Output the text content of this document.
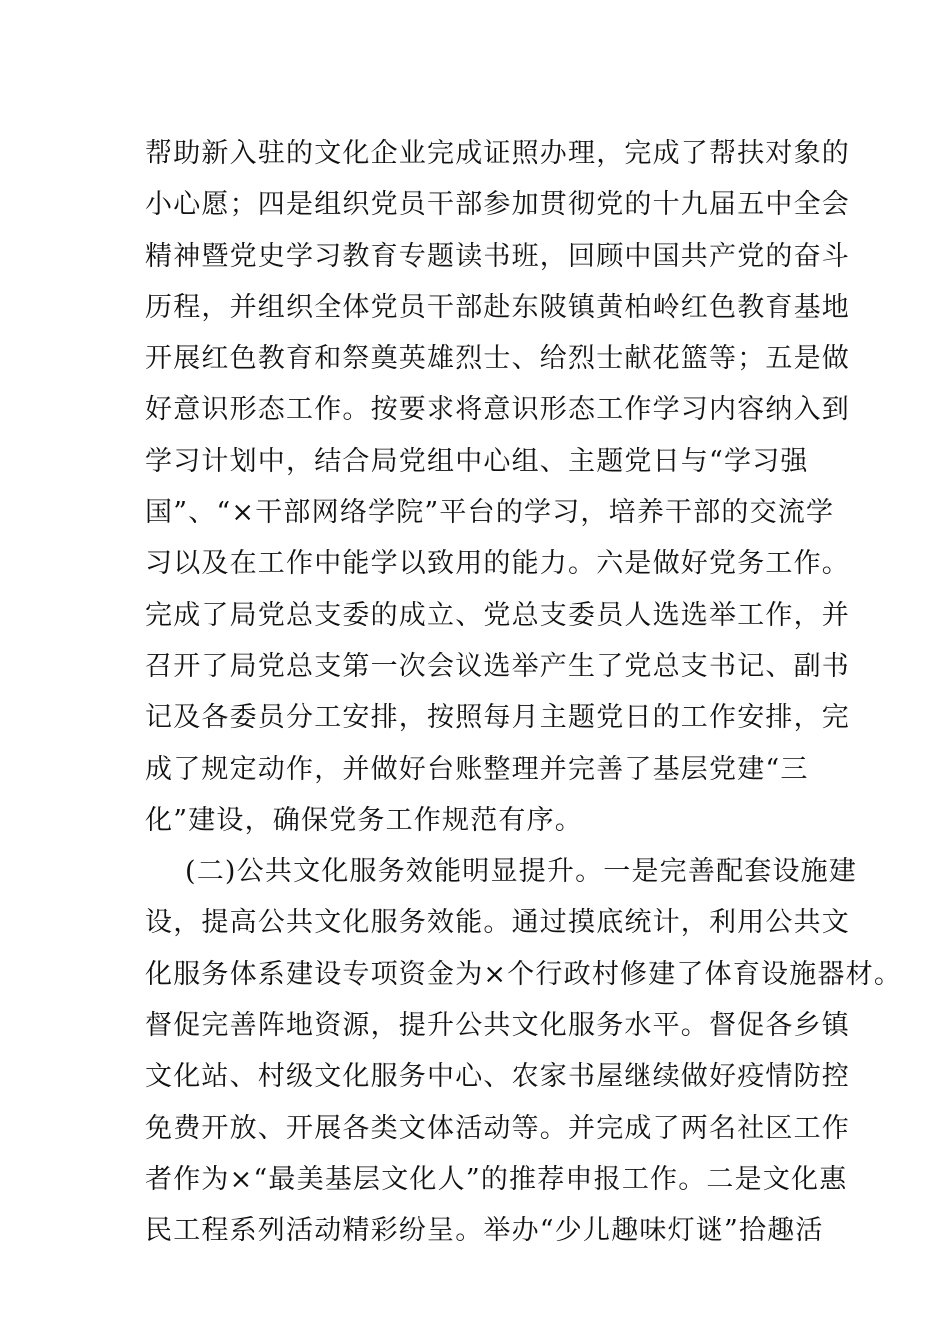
帮助新入驻的文化企业完成证照办理，完成了帮扶对象的
小心愿；四是组织党员干部参加贯彻党的十九届五中全会
精神暨党史学习教育专题读书班，回顾中国共产党的奋斗
历程，并组织全体党员干部赴东陂镇黄柏岭红色教育基地
开展红色教育和祭奠英雄烈士、给烈士献花篮等；五是做
好意识形态工作。按要求将意识形态工作学习内容纳入到
学习计划中，结合局党组中心组、主题党日与“学习强
国”、“×干部网络学院”平台的学习，培养干部的交流学
习以及在工作中能学以致用的能力。六是做好党务工作。
完成了局党总支委的成立、党总支委员人选选举工作，并
召开了局党总支第一次会议选举产生了党总支书记、副书
记及各委员分工安排，按照每月主题党日的工作安排，完
成了规定动作，并做好台账整理并完善了基层党建“三
化”建设，确保党务工作规范有序。
(二)公共文化服务效能明显提升。一是完善配套设施建
设，提高公共文化服务效能。通过摸底统计，利用公共文
化服务体系建设专项资金为×个行政村修建了体育设施器材。
督促完善阵地资源，提升公共文化服务水平。督促各乡镇
文化站、村级文化服务中心、农家书屋继续做好疫情防控
免费开放、开展各类文体活动等。并完成了两名社区工作
者作为×“最美基层文化人”的推荐申报工作。二是文化惠
民工程系列活动精彩纷呈。举办“少儿趣味灯谜”拾趣活
